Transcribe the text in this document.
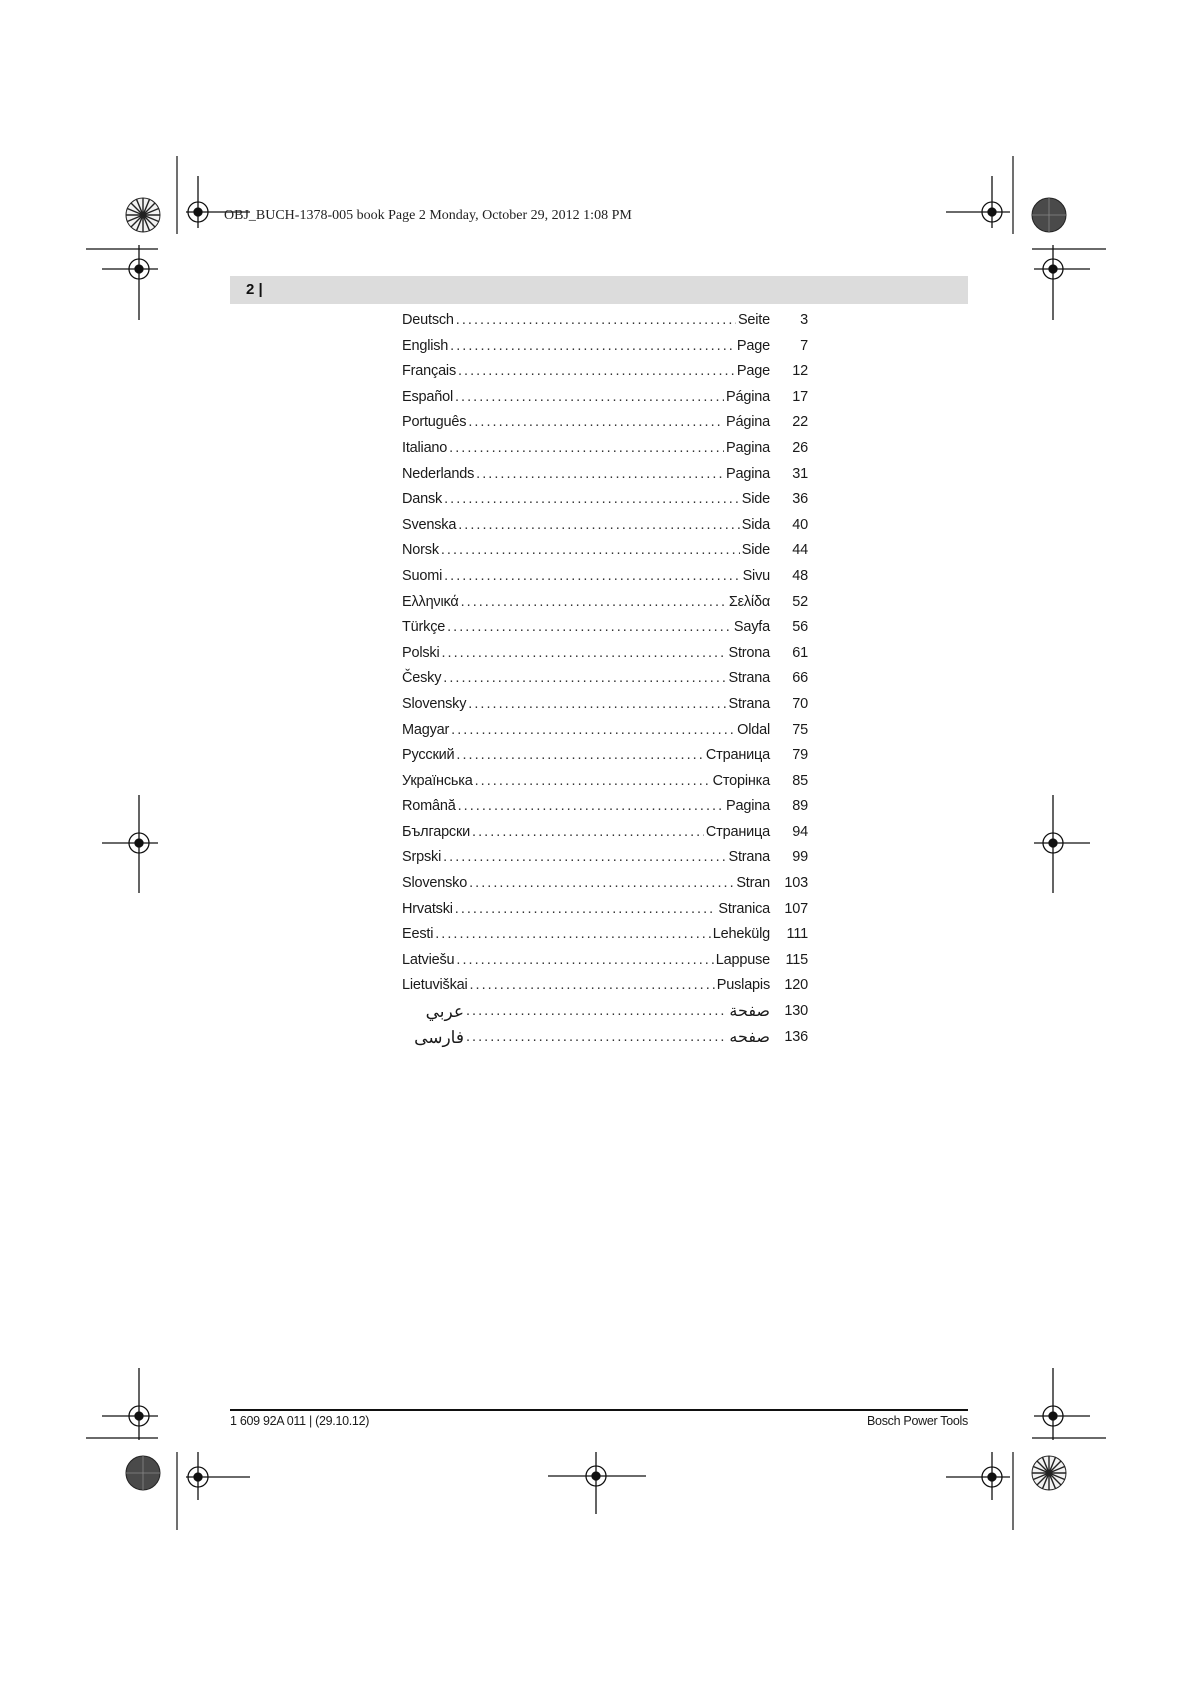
OBJ_BUCH-1378-005 book Page 2 Monday, October 29, 2012 1:08 PM
2 |
Deutsch . . .	Seite	3
English . . .	Page	7
Français . . .	Page	12
Español . . .	Página	17
Português . . .	Página	22
Italiano . . .	Pagina	26
Nederlands . . .	Pagina	31
Dansk . . .	Side	36
Svenska . . .	Sida	40
Norsk . . .	Side	44
Suomi . . .	Sivu	48
Ελληνικά . . .	Σελίδα	52
Türkçe . . .	Sayfa	56
Polski . . .	Strona	61
Česky . . .	Strana	66
Slovensky . . .	Strana	70
Magyar . . .	Oldal	75
Русский . . .	Страница	79
Українська . . .	Сторінка	85
Română . . .	Pagina	89
Български . . .	Страница	94
Srpski . . .	Strana	99
Slovensko . . .	Stran 103
Hrvatski . . .	Stranica 107
Eesti . . .	Lehekülg	111
Latviešu . . .	Lappuse	115
Lietuviškai . . .	Puslapis 120
عربي . . .	صفحة 130
فارسی . . .	صفحه 136
1 609 92A 011 | (29.10.12)	Bosch Power Tools
